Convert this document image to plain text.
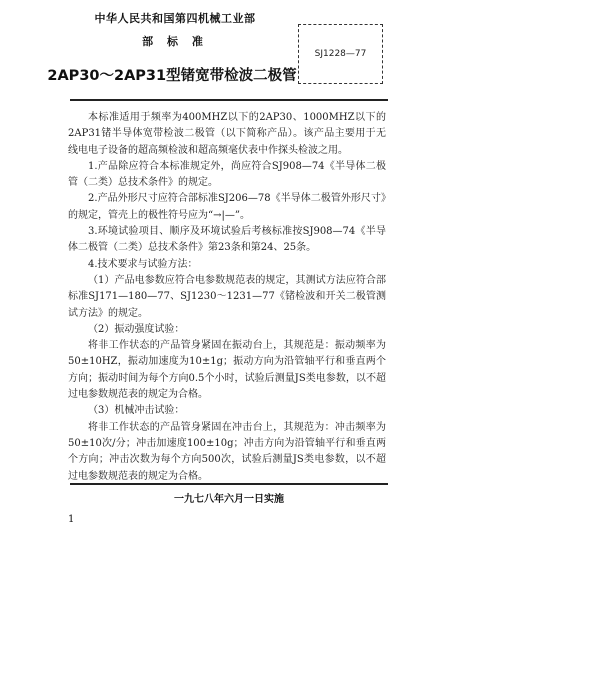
中华人民共和国第四机械工业部
部 标 准
2AP30～2AP31型锗宽带检波二极管
SJ1228—77

本标准适用于频率为400MHZ以下的2AP30、1000MHZ以下的2AP31锗半导体宽带检波二极管（以下简称产品）。该产品主要用于无线电电子设备的超高频检波和超高频毫伏表中作探头检波之用。

1.产品除应符合本标准规定外，尚应符合SJ908—74《半导体二极管（二类）总技术条件》的规定。

2.产品外形尺寸应符合部标准SJ206—78《半导体二极管外形尺寸》的规定，管壳上的极性符号应为“→|—”。

3.环境试验项目、顺序及环境试验后考核标准按SJ908—74《半导体二极管（二类）总技术条件》第23条和第24、25条。

4.技术要求与试验方法：

（1）产品电参数应符合电参数规范表的规定，其测试方法应符合部标准SJ171—180—77、SJ1230～1231—77《锗检波和开关二极管测试方法》的规定。

（2）振动强度试验：

将非工作状态的产品管身紧固在振动台上，其规范是：振动频率为50±10HZ，振动加速度为10±1g；振动方向为沿管轴平行和垂直两个方向；振动时间为每个方向0.5个小时，试验后测量JS类电参数，以不超过电参数规范表的规定为合格。

（3）机械冲击试验：

将非工作状态的产品管身紧固在冲击台上，其规范为：冲击频率为50±10次/分；冲击加速度100±10g；冲击方向为沿管轴平行和垂直两个方向；冲击次数为每个方向500次，试验后测量JS类电参数，以不超过电参数规范表的规定为合格。

一九七八年六月一日实施
1
